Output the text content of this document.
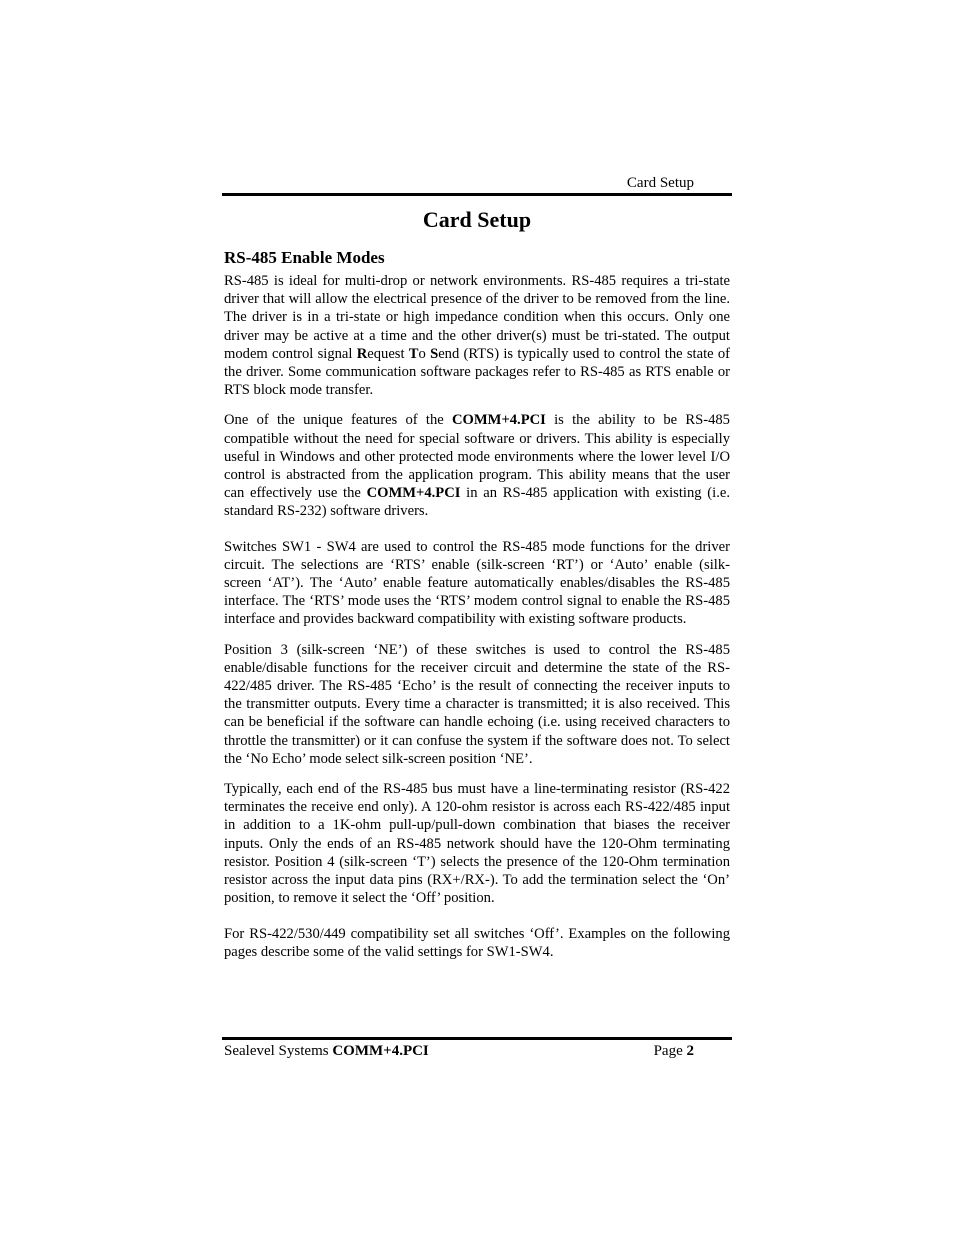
Card Setup
Card Setup
RS-485 Enable Modes

RS-485 is ideal for multi-drop or network environments. RS-485 requires a tri-state driver that will allow the electrical presence of the driver to be removed from the line. The driver is in a tri-state or high impedance condition when this occurs. Only one driver may be active at a time and the other driver(s) must be tri-stated. The output modem control signal Request To Send (RTS) is typically used to control the state of the driver. Some communication software packages refer to RS-485 as RTS enable or RTS block mode transfer.

One of the unique features of the COMM+4.PCI is the ability to be RS-485 compatible without the need for special software or drivers. This ability is especially useful in Windows and other protected mode environments where the lower level I/O control is abstracted from the application program. This ability means that the user can effectively use the COMM+4.PCI in an RS-485 application with existing (i.e. standard RS-232) software drivers.

Switches SW1 - SW4 are used to control the RS-485 mode functions for the driver circuit. The selections are ‘RTS’ enable (silk-screen ‘RT’) or ‘Auto’ enable (silk-screen ‘AT’). The ‘Auto’ enable feature automatically enables/disables the RS-485 interface. The ‘RTS’ mode uses the ‘RTS’ modem control signal to enable the RS-485 interface and provides backward compatibility with existing software products.

Position 3 (silk-screen ‘NE’) of these switches is used to control the RS-485 enable/disable functions for the receiver circuit and determine the state of the RS-422/485 driver. The RS-485 ‘Echo’ is the result of connecting the receiver inputs to the transmitter outputs. Every time a character is transmitted; it is also received. This can be beneficial if the software can handle echoing (i.e. using received characters to throttle the transmitter) or it can confuse the system if the software does not. To select the ‘No Echo’ mode select silk-screen position ‘NE’.

Typically, each end of the RS-485 bus must have a line-terminating resistor (RS-422 terminates the receive end only). A 120-ohm resistor is across each RS-422/485 input in addition to a 1K-ohm pull-up/pull-down combination that biases the receiver inputs. Only the ends of an RS-485 network should have the 120-Ohm terminating resistor. Position 4 (silk-screen ‘T’) selects the presence of the 120-Ohm termination resistor across the input data pins (RX+/RX-). To add the termination select the ‘On’ position, to remove it select the ‘Off’ position.

For RS-422/530/449 compatibility set all switches ‘Off’. Examples on the following pages describe some of the valid settings for SW1-SW4.

Sealevel Systems COMM+4.PCI	Page 2
